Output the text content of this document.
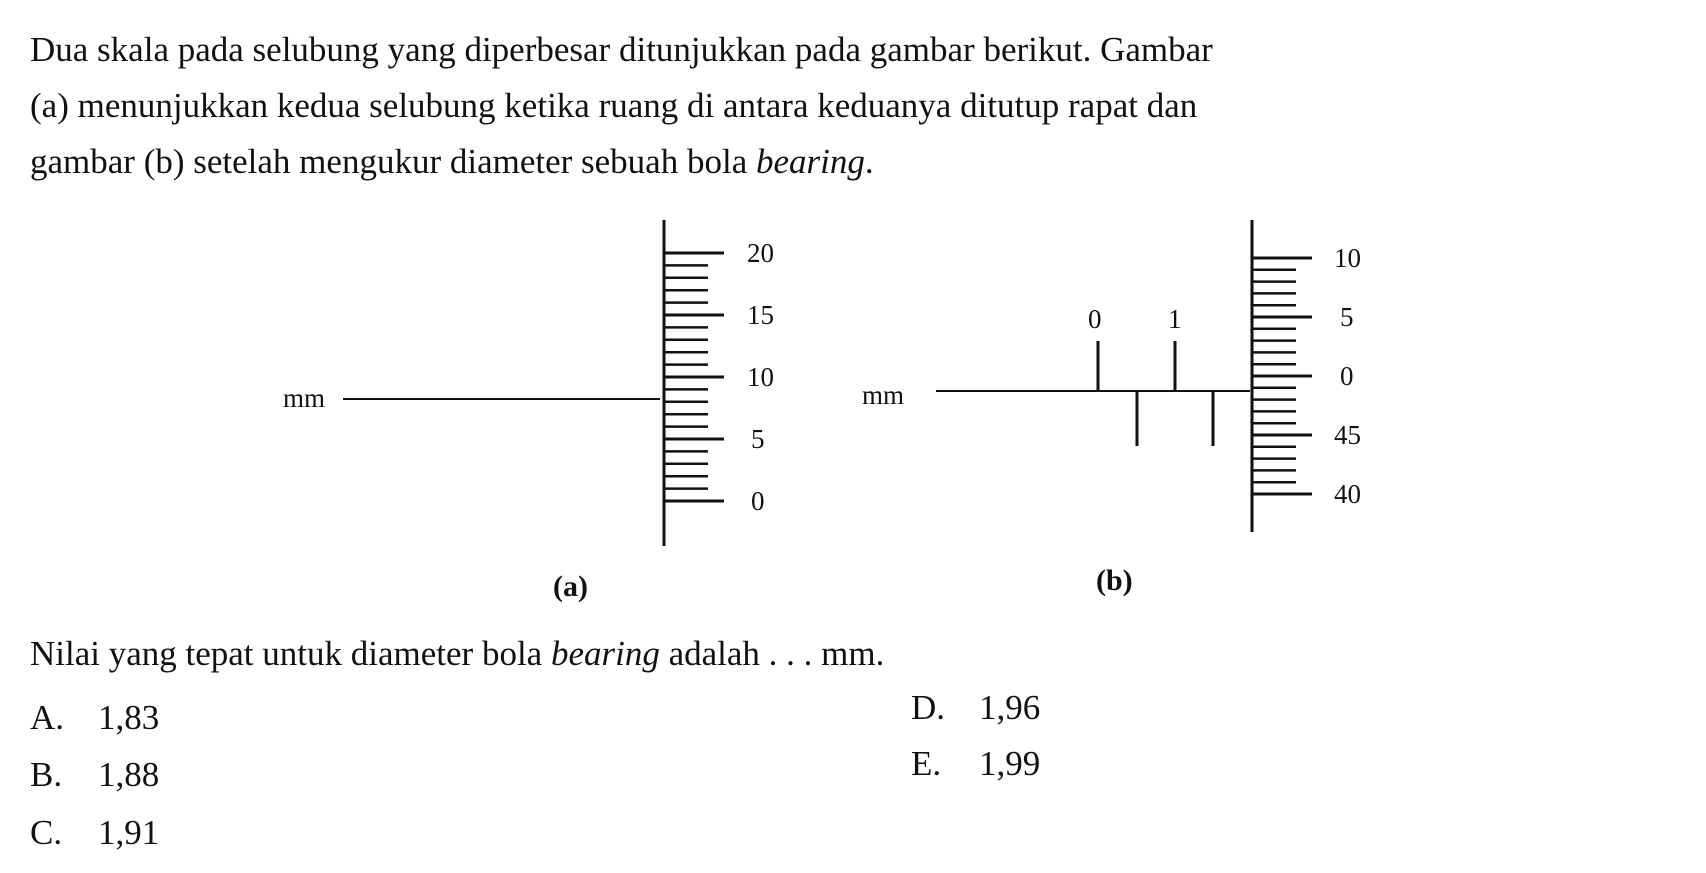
Dua skala pada selubung yang diperbesar ditunjukkan pada gambar berikut. Gambar
(a) menunjukkan kedua selubung ketika ruang di antara keduanya ditutup rapat dan
gambar (b) setelah mengukur diameter sebuah bola bearing.
mm
20
15
10
5
0
(a)
mm
0 1
10
5
0
45
40
(b)
Nilai yang tepat untuk diameter bola bearing adalah . . . mm.
A. 1,83
B. 1,88
C. 1,91
D. 1,96
E. 1,99
